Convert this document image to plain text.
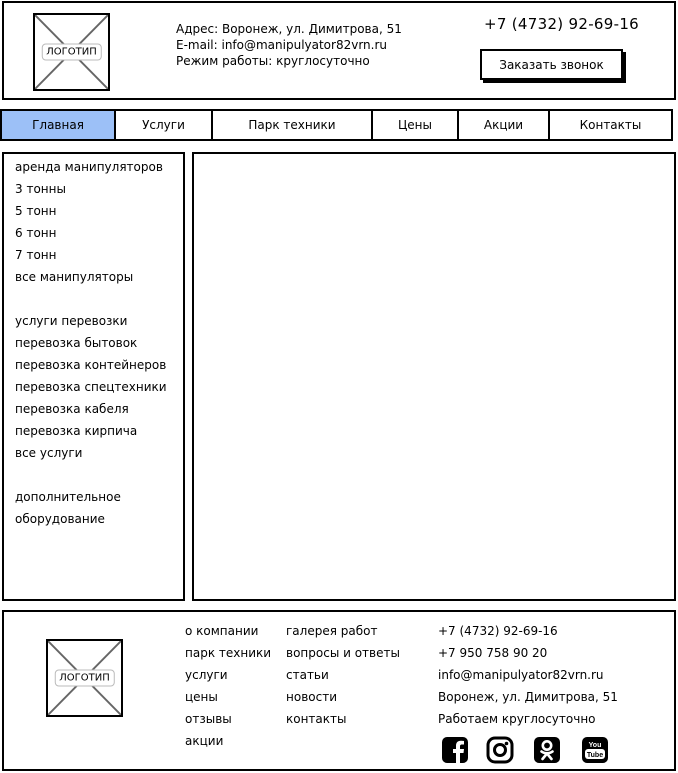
ЛОГОТИП
Адрес: Воронеж, ул. Димитрова, 51
E-mail: info@manipulyator82vrn.ru
Режим работы: круглосуточно
+7 (4732) 92-69-16
Заказать звонок
Главная	Услуги	Парк техники	Цены	Акции	Контакты
аренда манипуляторов
3 тонны
5 тонн
6 тонн
7 тонн
все манипуляторы
услуги перевозки
перевозка бытовок
перевозка контейнеров
перевозка спецтехники
перевозка кабеля
перевозка кирпича
все услуги
дополнительное
оборудование
ЛОГОТИП
о компании
парк техники
услуги
цены
отзывы
акции
галерея работ
вопросы и ответы
статьи
новости
контакты
+7 (4732) 92-69-16
+7 950 758 90 20
info@manipulyator82vrn.ru
Воронеж, ул. Димитрова, 51
Работаем круглосуточно
You
Tube
